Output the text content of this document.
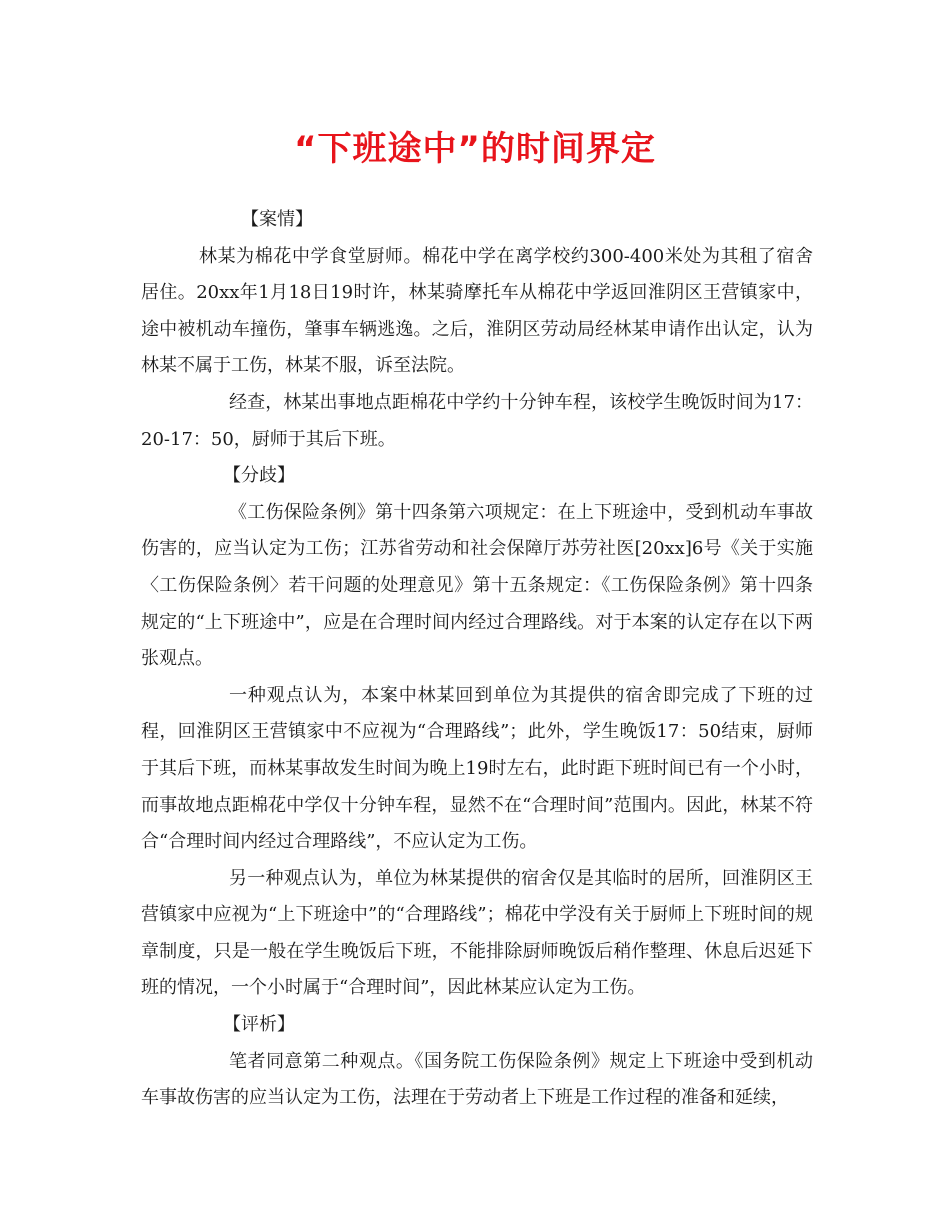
“下班途中”的时间界定

【案情】

林某为棉花中学食堂厨师。棉花中学在离学校约300-400米处为其租了宿舍居住。20xx年1月18日19时许，林某骑摩托车从棉花中学返回淮阴区王营镇家中，途中被机动车撞伤，肇事车辆逃逸。之后，淮阴区劳动局经林某申请作出认定，认为林某不属于工伤，林某不服，诉至法院。

经查，林某出事地点距棉花中学约十分钟车程，该校学生晚饭时间为17：20-17：50，厨师于其后下班。

【分歧】

《工伤保险条例》第十四条第六项规定：在上下班途中，受到机动车事故伤害的，应当认定为工伤；江苏省劳动和社会保障厅苏劳社医[20xx]6号《关于实施〈工伤保险条例〉若干问题的处理意见》第十五条规定：《工伤保险条例》第十四条规定的“上下班途中”，应是在合理时间内经过合理路线。对于本案的认定存在以下两张观点。

一种观点认为，本案中林某回到单位为其提供的宿舍即完成了下班的过程，回淮阴区王营镇家中不应视为“合理路线”；此外，学生晚饭17：50结束，厨师于其后下班，而林某事故发生时间为晚上19时左右，此时距下班时间已有一个小时，而事故地点距棉花中学仅十分钟车程，显然不在“合理时间”范围内。因此，林某不符合“合理时间内经过合理路线”，不应认定为工伤。

另一种观点认为，单位为林某提供的宿舍仅是其临时的居所，回淮阴区王营镇家中应视为“上下班途中”的“合理路线”；棉花中学没有关于厨师上下班时间的规章制度，只是一般在学生晚饭后下班，不能排除厨师晚饭后稍作整理、休息后迟延下班的情况，一个小时属于“合理时间”，因此林某应认定为工伤。

【评析】

笔者同意第二种观点。《国务院工伤保险条例》规定上下班途中受到机动车事故伤害的应当认定为工伤，法理在于劳动者上下班是工作过程的准备和延续，
